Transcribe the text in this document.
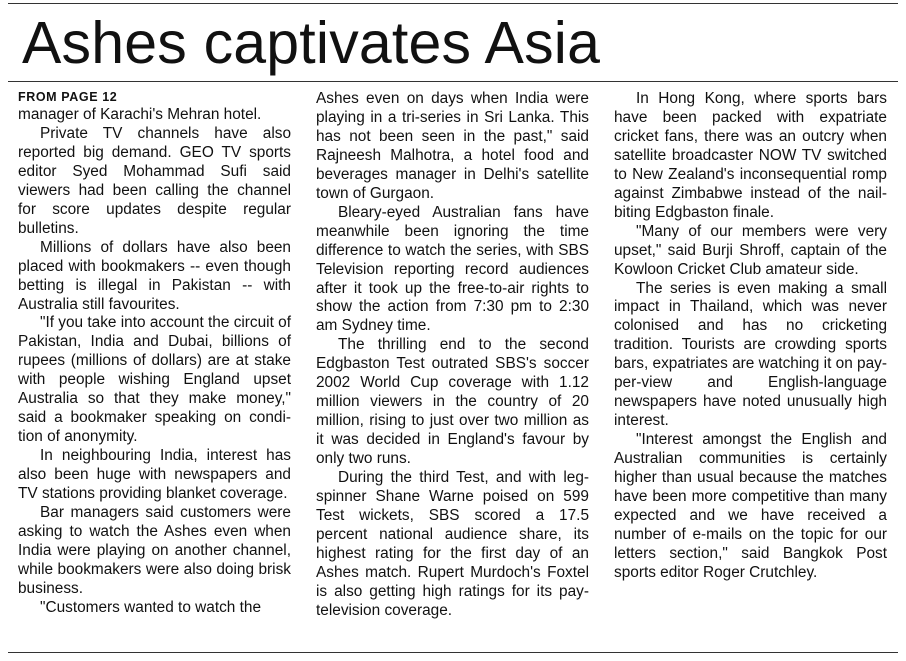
Ashes captivates Asia
FROM PAGE 12

manager of Karachi's Mehran hotel.

Private TV channels have also reported big demand. GEO TV sports editor Syed Mohammad Sufi said viewers had been calling the channel for score updates despite regular bulletins.

Millions of dollars have also been placed with bookmakers -- even though betting is illegal in Pakistan -- with Australia still favourites.

"If you take into account the circuit of Pakistan, India and Dubai, billions of rupees (millions of dollars) are at stake with people wishing England upset Australia so that they make money," said a bookmaker speaking on condition of anonymity.

In neighbouring India, interest has also been huge with newspapers and TV stations providing blanket coverage.

Bar managers said customers were asking to watch the Ashes even when India were playing on another channel, while bookmakers were also doing brisk business.

"Customers wanted to watch the

Ashes even on days when India were playing in a tri-series in Sri Lanka. This has not been seen in the past," said Rajneesh Malhotra, a hotel food and beverages manager in Delhi's satellite town of Gurgaon.

Bleary-eyed Australian fans have meanwhile been ignoring the time difference to watch the series, with SBS Television reporting record audiences after it took up the free-to-air rights to show the action from 7:30 pm to 2:30 am Sydney time.

The thrilling end to the second Edgbaston Test outrated SBS's soccer 2002 World Cup coverage with 1.12 million viewers in the country of 20 million, rising to just over two million as it was decided in England's favour by only two runs.

During the third Test, and with leg-spinner Shane Warne poised on 599 Test wickets, SBS scored a 17.5 percent national audience share, its highest rating for the first day of an Ashes match. Rupert Murdoch's Foxtel is also getting high ratings for its pay-television coverage.

In Hong Kong, where sports bars have been packed with expatriate cricket fans, there was an outcry when satellite broadcaster NOW TV switched to New Zealand's inconsequential romp against Zimbabwe instead of the nail-biting Edgbaston finale.

"Many of our members were very upset," said Burji Shroff, captain of the Kowloon Cricket Club amateur side.

The series is even making a small impact in Thailand, which was never colonised and has no cricketing tradition. Tourists are crowding sports bars, expatriates are watching it on pay-per-view and English-language newspapers have noted unusually high interest.

"Interest amongst the English and Australian communities is certainly higher than usual because the matches have been more competitive than many expected and we have received a number of e-mails on the topic for our letters section," said Bangkok Post sports editor Roger Crutchley.
